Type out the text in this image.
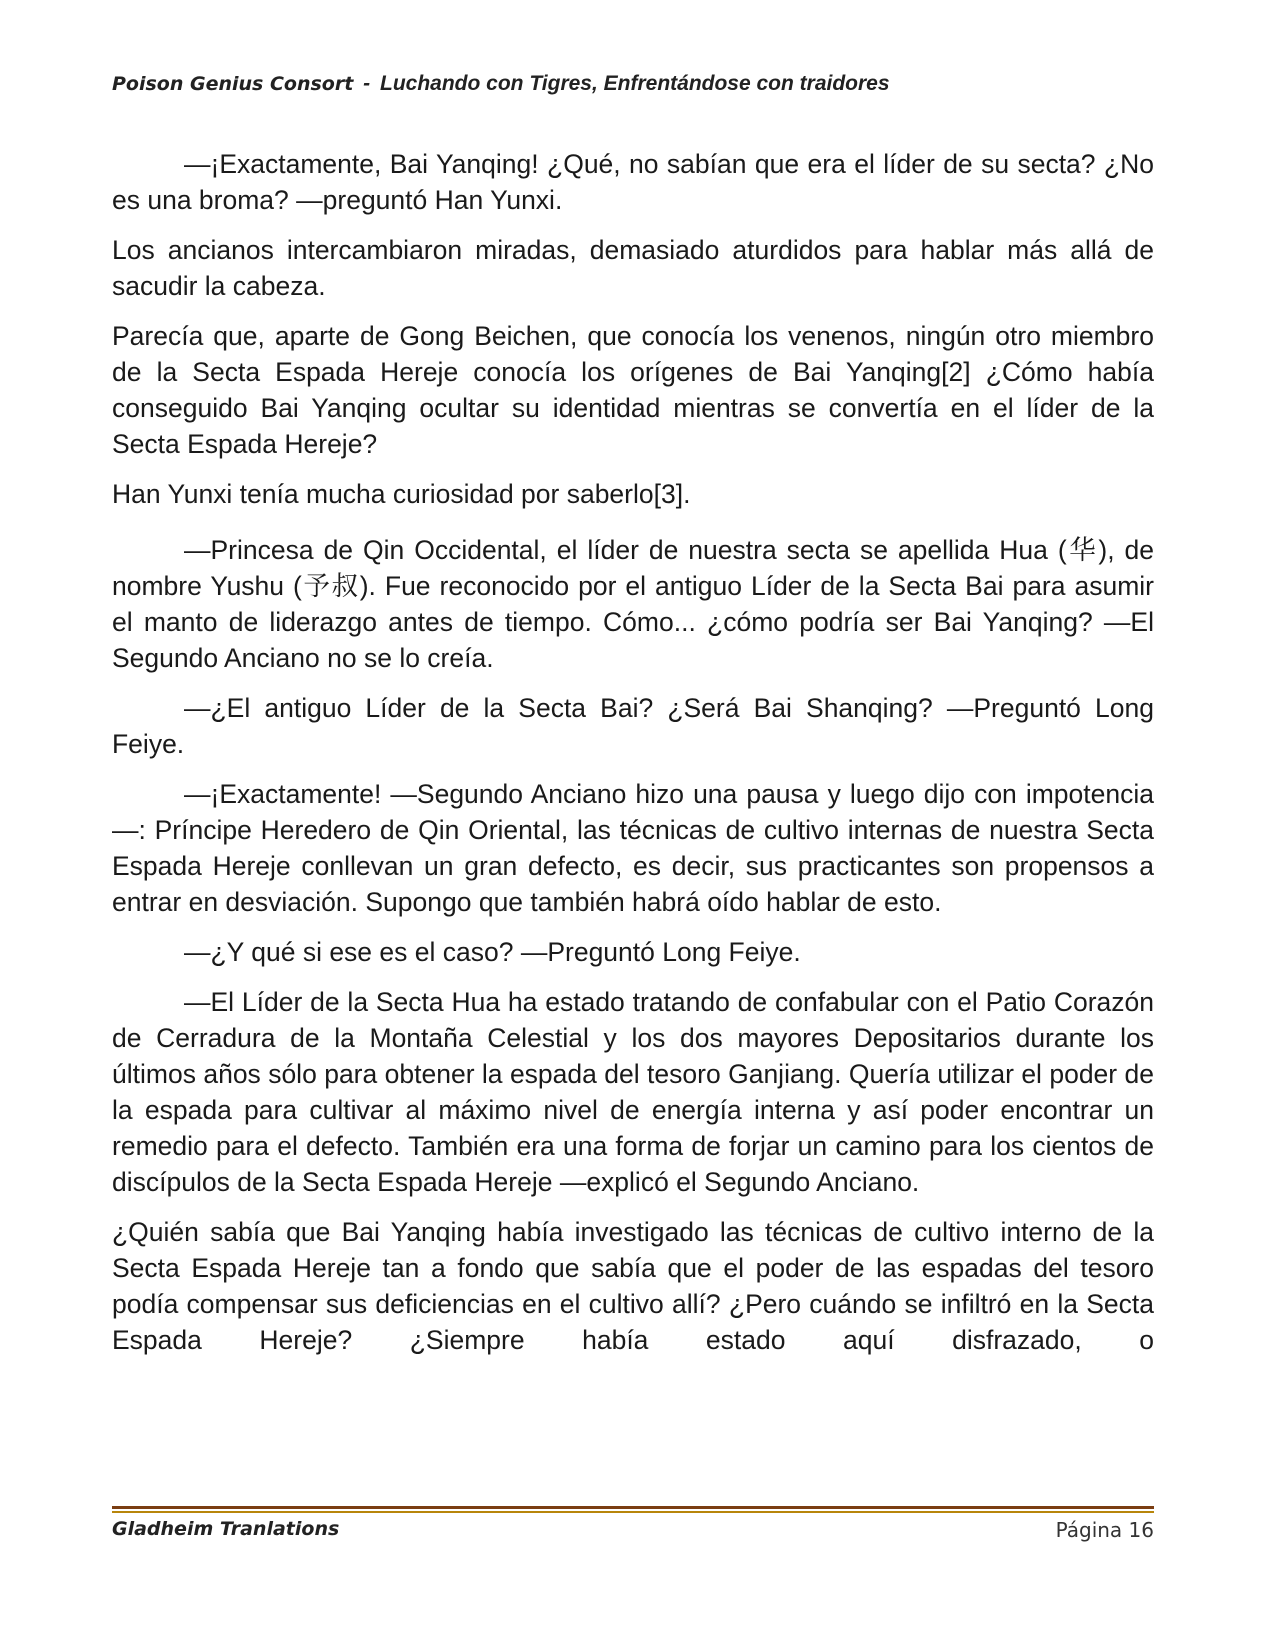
Poison Genius Consort - Luchando con Tigres, Enfrentándose con traidores

—¡Exactamente, Bai Yanqing! ¿Qué, no sabían que era el líder de su secta? ¿No es una broma? —preguntó Han Yunxi.

Los ancianos intercambiaron miradas, demasiado aturdidos para hablar más allá de sacudir la cabeza.

Parecía que, aparte de Gong Beichen, que conocía los venenos, ningún otro miembro de la Secta Espada Hereje conocía los orígenes de Bai Yanqing[2] ¿Cómo había conseguido Bai Yanqing ocultar su identidad mientras se convertía en el líder de la Secta Espada Hereje?

Han Yunxi tenía mucha curiosidad por saberlo[3].

—Princesa de Qin Occidental, el líder de nuestra secta se apellida Hua (华), de nombre Yushu (予叔). Fue reconocido por el antiguo Líder de la Secta Bai para asumir el manto de liderazgo antes de tiempo. Cómo... ¿cómo podría ser Bai Yanqing? —El Segundo Anciano no se lo creía.

—¿El antiguo Líder de la Secta Bai? ¿Será Bai Shanqing? —Preguntó Long Feiye.

—¡Exactamente! —Segundo Anciano hizo una pausa y luego dijo con impotencia—: Príncipe Heredero de Qin Oriental, las técnicas de cultivo internas de nuestra Secta Espada Hereje conllevan un gran defecto, es decir, sus practicantes son propensos a entrar en desviación. Supongo que también habrá oído hablar de esto.

—¿Y qué si ese es el caso? —Preguntó Long Feiye.

—El Líder de la Secta Hua ha estado tratando de confabular con el Patio Corazón de Cerradura de la Montaña Celestial y los dos mayores Depositarios durante los últimos años sólo para obtener la espada del tesoro Ganjiang. Quería utilizar el poder de la espada para cultivar al máximo nivel de energía interna y así poder encontrar un remedio para el defecto. También era una forma de forjar un camino para los cientos de discípulos de la Secta Espada Hereje —explicó el Segundo Anciano.

¿Quién sabía que Bai Yanqing había investigado las técnicas de cultivo interno de la Secta Espada Hereje tan a fondo que sabía que el poder de las espadas del tesoro podía compensar sus deficiencias en el cultivo allí? ¿Pero cuándo se infiltró en la Secta Espada Hereje? ¿Siempre había estado aquí disfrazado, o

Gladheim Tranlations	Página 16
